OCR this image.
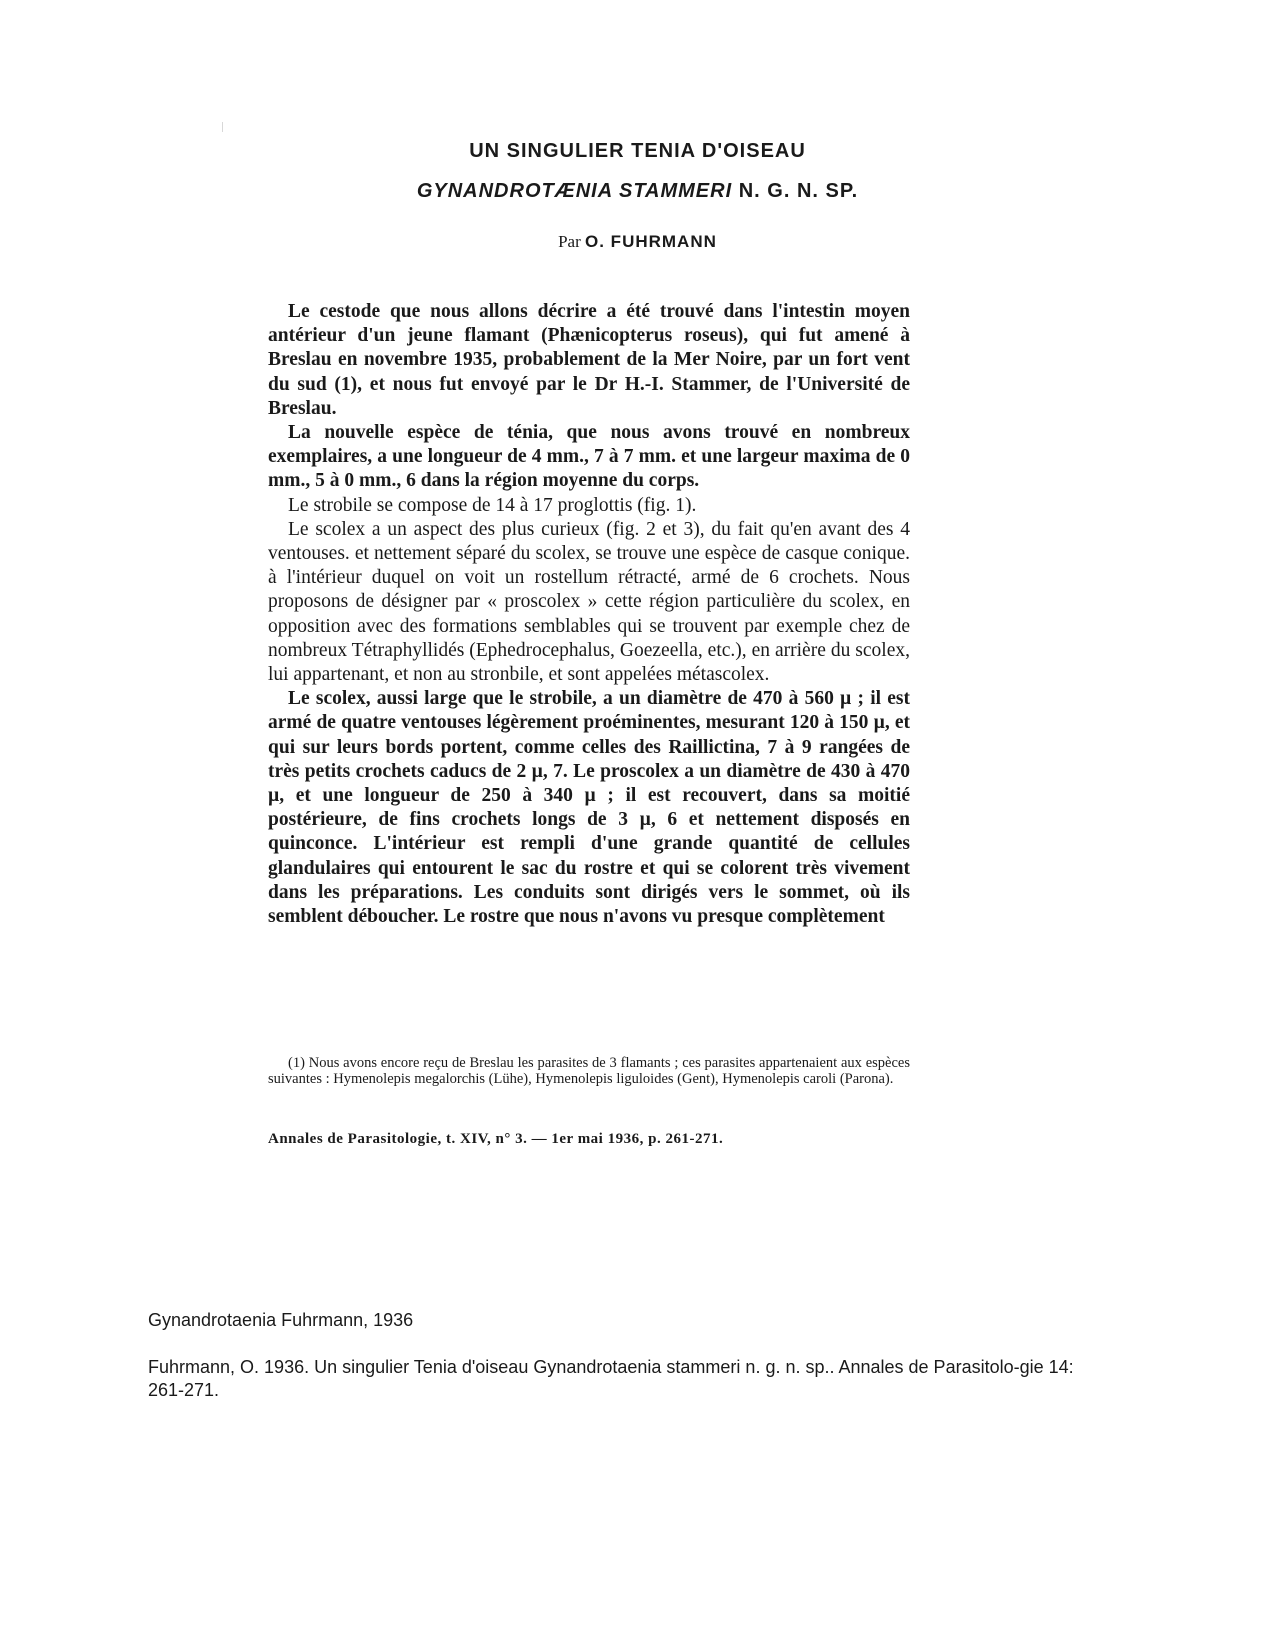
UN SINGULIER TENIA D'OISEAU
GYNANDROTÆNIA STAMMERI N. G. N. SP.
Par O. FUHRMANN

Le cestode que nous allons décrire a été trouvé dans l'intestin moyen antérieur d'un jeune flamant (Phænicopterus roseus), qui fut amené à Breslau en novembre 1935, probablement de la Mer Noire, par un fort vent du sud (1), et nous fut envoyé par le Dr H.-I. Stammer, de l'Université de Breslau.

La nouvelle espèce de ténia, que nous avons trouvé en nombreux exemplaires, a une longueur de 4 mm., 7 à 7 mm. et une largeur maxima de 0 mm., 5 à 0 mm., 6 dans la région moyenne du corps.

Le strobile se compose de 14 à 17 proglottis (fig. 1).

Le scolex a un aspect des plus curieux (fig. 2 et 3), du fait qu'en avant des 4 ventouses. et nettement séparé du scolex, se trouve une espèce de casque conique. à l'intérieur duquel on voit un rostellum rétracté, armé de 6 crochets. Nous proposons de désigner par « proscolex » cette région particulière du scolex, en opposition avec des formations semblables qui se trouvent par exemple chez de nombreux Tétraphyllidés (Ephedrocephalus, Goezeella, etc.), en arrière du scolex, lui appartenant, et non au stronbile, et sont appelées métascolex.

Le scolex, aussi large que le strobile, a un diamètre de 470 à 560 µ ; il est armé de quatre ventouses légèrement proéminentes, mesurant 120 à 150 µ, et qui sur leurs bords portent, comme celles des Raillictina, 7 à 9 rangées de très petits crochets caducs de 2 µ, 7. Le proscolex a un diamètre de 430 à 470 µ, et une longueur de 250 à 340 µ ; il est recouvert, dans sa moitié postérieure, de fins crochets longs de 3 µ, 6 et nettement disposés en quinconce. L'intérieur est rempli d'une grande quantité de cellules glandulaires qui entourent le sac du rostre et qui se colorent très vivement dans les préparations. Les conduits sont dirigés vers le sommet, où ils semblent déboucher. Le rostre que nous n'avons vu presque complètement

(1) Nous avons encore reçu de Breslau les parasites de 3 flamants ; ces parasites appartenaient aux espèces suivantes : Hymenolepis megalorchis (Lühe), Hymenolepis liguloides (Gent), Hymenolepis caroli (Parona).
Annales de Parasitologie, t. XIV, n° 3. — 1er mai 1936, p. 261-271.
Gynandrotaenia Fuhrmann, 1936
Fuhrmann, O. 1936. Un singulier Tenia d'oiseau Gynandrotaenia stammeri n. g. n. sp.. Annales de Parasitolo-gie 14: 261-271.
